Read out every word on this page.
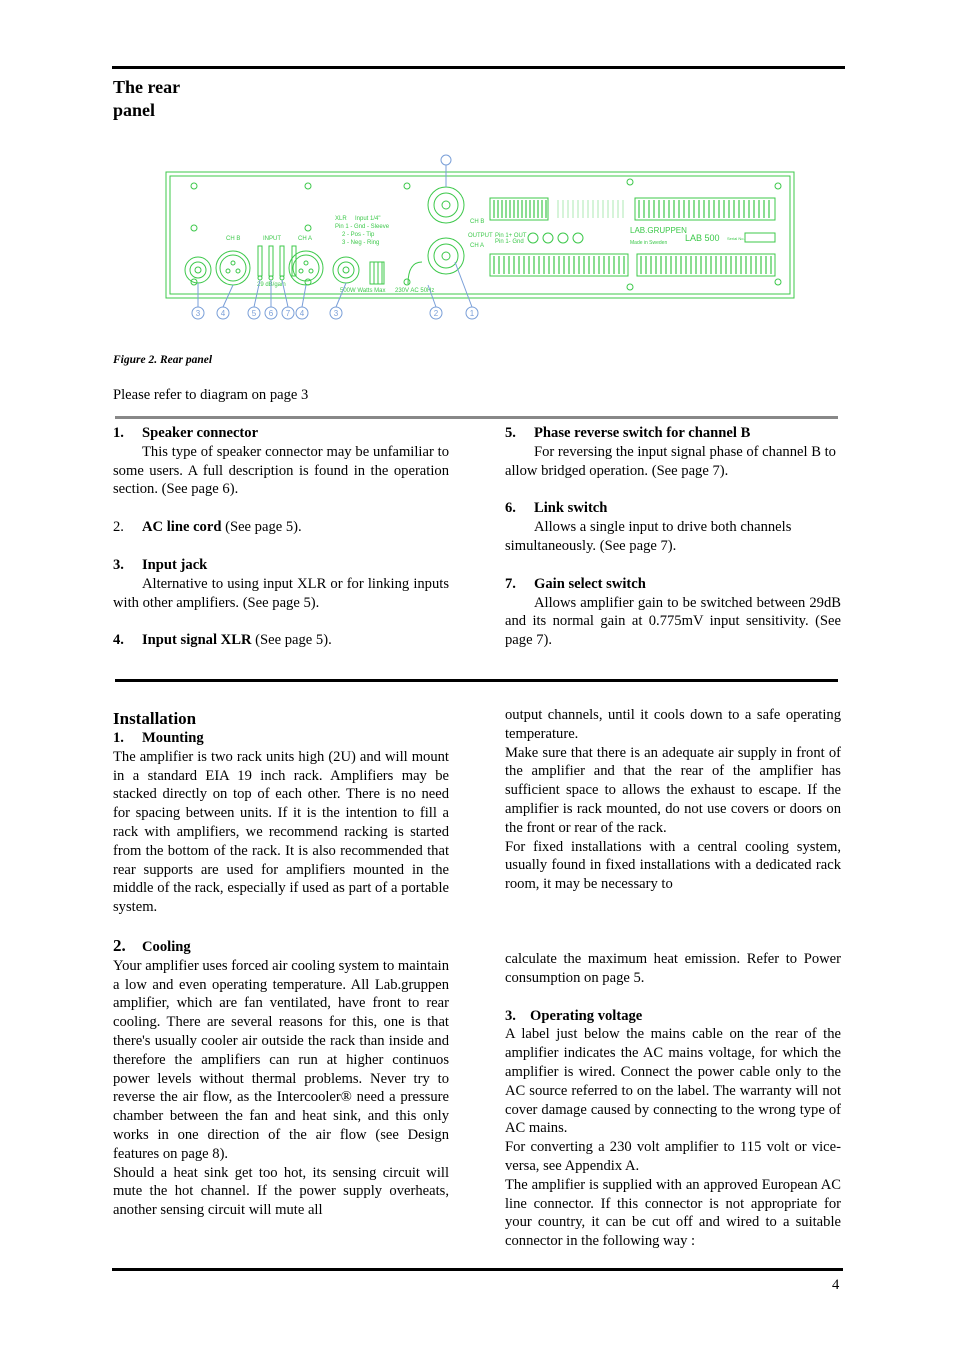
The rear
panel
CH B	INPUT	CH A
XLR Input 1/4"
Pin 1 - Gnd - Sleeve
2 - Pos - Tip
3 - Neg - Ring
29 dB/gain
500W Watts Max 230V AC 50Hz
CH B
OUTPUT Pin 1+ OUT
Pin 1- Gnd
CH A
LAB.GRUPPEN
Made in Sweden LAB 500 Serial No.
3	4	5 6 7 4	3	2	1
Figure 2. Rear panel
Please refer to diagram on page 3

1. Speaker connector

This type of speaker connector may be unfamiliar to some users. A full description is found in the operation section. (See page 6).

2. AC line cord (See page 5).

3. Input jack

Alternative to using input XLR or for linking inputs with other amplifiers. (See page 5).

4. Input signal XLR (See page 5).

5. Phase reverse switch for channel B

For reversing the input signal phase of channel B to allow bridged operation. (See page 7).

6. Link switch

Allows a single input to drive both channels simultaneously. (See page 7).

7. Gain select switch

Allows amplifier gain to be switched between 29dB and its normal gain at 0.775mV input sensitivity. (See page 7).

Installation

1. Mounting

The amplifier is two rack units high (2U) and will mount in a standard EIA 19 inch rack. Amplifiers may be stacked directly on top of each other. There is no need for spacing between units. If it is the intention to fill a rack with amplifiers, we recommend racking is started from the bottom of the rack. It is also recommended that rear supports are used for amplifiers mounted in the middle of the rack, especially if used as part of a portable system.

2. Cooling

Your amplifier uses forced air cooling system to maintain a low and even operating temperature. All Lab.gruppen amplifier, which are fan ventilated, have front to rear cooling. There are several reasons for this, one is that there's usually cooler air outside the rack than inside and therefore the amplifiers can run at higher continuos power levels without thermal problems. Never try to reverse the air flow, as the Intercooler® need a pressure chamber between the fan and heat sink, and this only works in one direction of the air flow (see Design features on page 8).

Should a heat sink get too hot, its sensing circuit will mute the hot channel. If the power supply overheats, another sensing circuit will mute all

output channels, until it cools down to a safe operating temperature.

Make sure that there is an adequate air supply in front of the amplifier and that the rear of the amplifier has sufficient space to allows the exhaust to escape. If the amplifier is rack mounted, do not use covers or doors on the front or rear of the rack.

For fixed installations with a central cooling system, usually found in fixed installations with a dedicated rack room, it may be necessary to

calculate the maximum heat emission. Refer to Power consumption on page 5.

3. Operating voltage

A label just below the mains cable on the rear of the amplifier indicates the AC mains voltage, for which the amplifier is wired. Connect the power cable only to the AC source referred to on the label. The warranty will not cover damage caused by connecting to the wrong type of AC mains.

For converting a 230 volt amplifier to 115 volt or vice-versa, see Appendix A.

The amplifier is supplied with an approved European AC line connector. If this connector is not appropriate for your country, it can be cut off and wired to a suitable connector in the following way :

4
